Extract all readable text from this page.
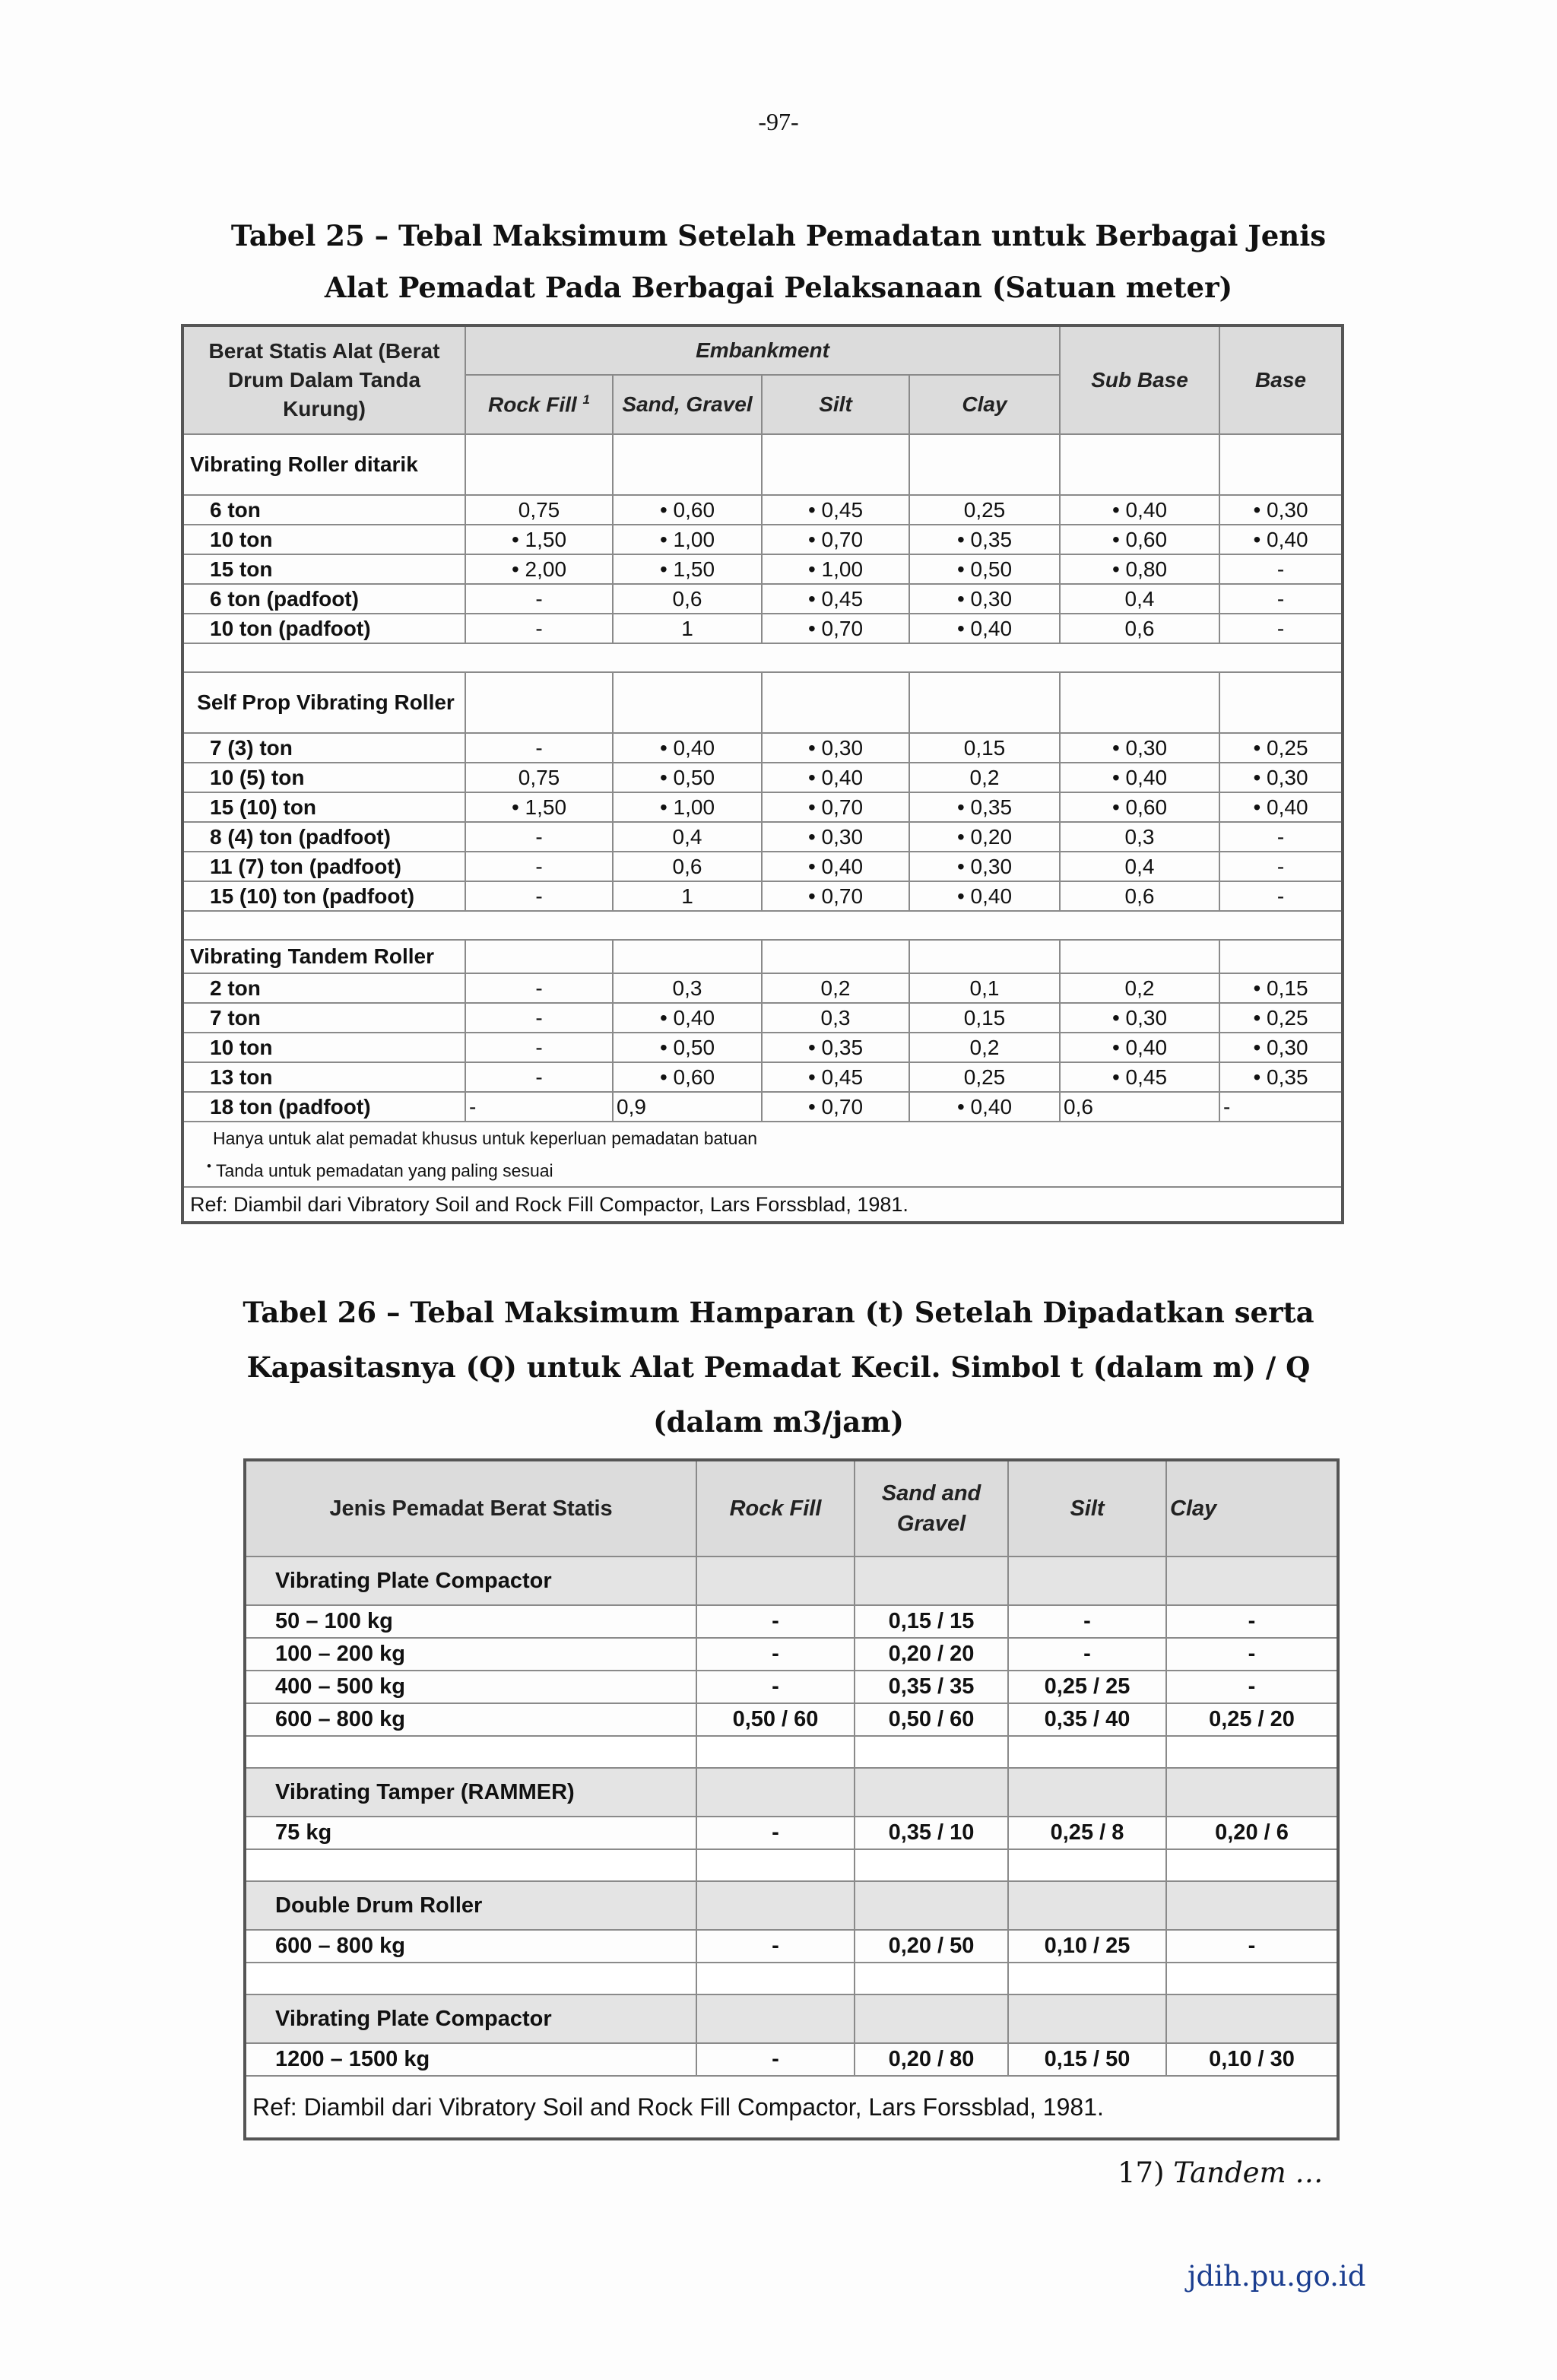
-97-
Tabel 25 – Tebal Maksimum Setelah Pemadatan untuk Berbagai Jenis
Alat Pemadat Pada Berbagai Pelaksanaan (Satuan meter)
Berat Statis Alat (Berat Drum Dalam Tanda Kurung)	Embankment				Sub Base	Base
	Rock Fill $^1$	Sand, Gravel	Silt	Clay		
Vibrating Roller ditarik						
6 ton	0,75	• 0,60	• 0,45	0,25	• 0,40	• 0,30
10 ton	• 1,50	• 1,00	• 0,70	• 0,35	• 0,60	• 0,40
15 ton	• 2,00	• 1,50	• 1,00	• 0,50	• 0,80	-
6 ton (padfoot)	-	0,6	• 0,45	• 0,30	0,4	-
10 ton (padfoot)	-	1	• 0,70	• 0,40	0,6	-

Self Prop Vibrating Roller						
7 (3) ton	-	• 0,40	• 0,30	0,15	• 0,30	• 0,25
10 (5) ton	0,75	• 0,50	• 0,40	0,2	• 0,40	• 0,30
15 (10) ton	• 1,50	• 1,00	• 0,70	• 0,35	• 0,60	• 0,40
8 (4) ton (padfoot)	-	0,4	• 0,30	• 0,20	0,3	-
11 (7) ton (padfoot)	-	0,6	• 0,40	• 0,30	0,4	-
15 (10) ton (padfoot)	-	1	• 0,70	• 0,40	0,6	-

Vibrating Tandem Roller						
2 ton	-	0,3	0,2	0,1	0,2	• 0,15
7 ton	-	• 0,40	0,3	0,15	• 0,30	• 0,25
10 ton	-	• 0,50	• 0,35	0,2	• 0,40	• 0,30
13 ton	-	• 0,60	• 0,45	0,25	• 0,45	• 0,35
18 ton (padfoot)	-	0,9	• 0,70	• 0,40	0,6	-
Hanya untuk alat pemadat khusus untuk keperluan pemadatan batuan						
• Tanda untuk pemadatan yang paling sesuai						
Ref: Diambil dari Vibratory Soil and Rock Fill Compactor, Lars Forssblad, 1981.						
Tabel 26 – Tebal Maksimum Hamparan (t) Setelah Dipadatkan serta
Kapasitasnya (Q) untuk Alat Pemadat Kecil. Simbol t (dalam m) / Q
(dalam m3/jam)
Jenis Pemadat Berat Statis	Rock Fill	Sand and
Gravel	Silt	Clay
Vibrating Plate Compactor				
50 – 100 kg	-	0,15 / 15	-	-
100 – 200 kg	-	0,20 / 20	-	-
400 – 500 kg	-	0,35 / 35	0,25 / 25	-
600 – 800 kg	0,50 / 60	0,50 / 60	0,35 / 40	0,25 / 20

Vibrating Tamper (RAMMER)				
75 kg	-	0,35 / 10	0,25 / 8	0,20 / 6

Double Drum Roller				
600 – 800 kg	-	0,20 / 50	0,10 / 25	-

Vibrating Plate Compactor				
1200 – 1500 kg	-	0,20 / 80	0,15 / 50	0,10 / 30
Ref: Diambil dari Vibratory Soil and Rock Fill Compactor, Lars Forssblad, 1981.				
17) Tandem …
jdih.pu.go.id
